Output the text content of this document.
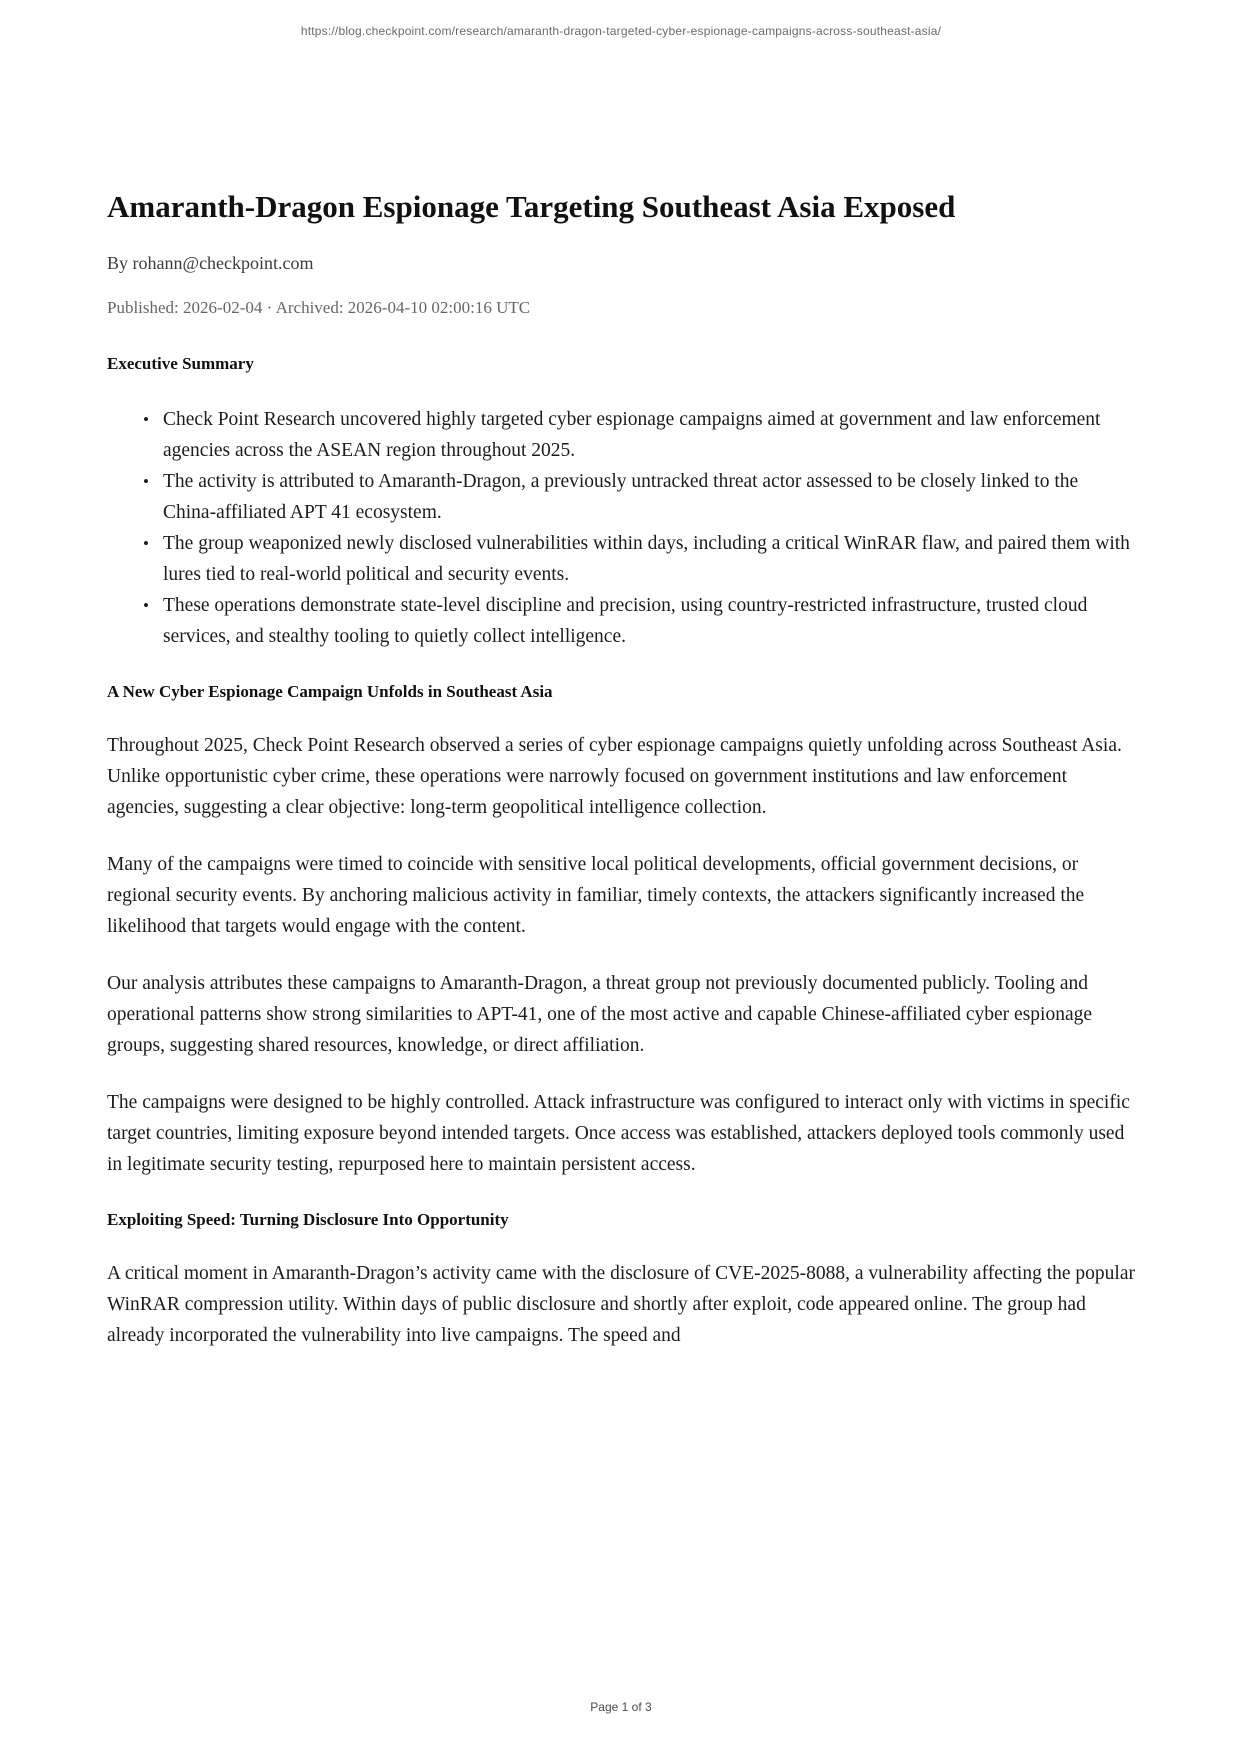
https://blog.checkpoint.com/research/amaranth-dragon-targeted-cyber-espionage-campaigns-across-southeast-asia/
Amaranth-Dragon Espionage Targeting Southeast Asia Exposed
By rohann@checkpoint.com
Published: 2026-02-04 · Archived: 2026-04-10 02:00:16 UTC
Executive Summary
• Check Point Research uncovered highly targeted cyber espionage campaigns aimed at government and law enforcement agencies across the ASEAN region throughout 2025.
• The activity is attributed to Amaranth-Dragon, a previously untracked threat actor assessed to be closely linked to the China-affiliated APT 41 ecosystem.
• The group weaponized newly disclosed vulnerabilities within days, including a critical WinRAR flaw, and paired them with lures tied to real-world political and security events.
• These operations demonstrate state-level discipline and precision, using country-restricted infrastructure, trusted cloud services, and stealthy tooling to quietly collect intelligence.
A New Cyber Espionage Campaign Unfolds in Southeast Asia

Throughout 2025, Check Point Research observed a series of cyber espionage campaigns quietly unfolding across Southeast Asia. Unlike opportunistic cyber crime, these operations were narrowly focused on government institutions and law enforcement agencies, suggesting a clear objective: long-term geopolitical intelligence collection.

Many of the campaigns were timed to coincide with sensitive local political developments, official government decisions, or regional security events. By anchoring malicious activity in familiar, timely contexts, the attackers significantly increased the likelihood that targets would engage with the content.

Our analysis attributes these campaigns to Amaranth-Dragon, a threat group not previously documented publicly. Tooling and operational patterns show strong similarities to APT-41, one of the most active and capable Chinese-affiliated cyber espionage groups, suggesting shared resources, knowledge, or direct affiliation.

The campaigns were designed to be highly controlled. Attack infrastructure was configured to interact only with victims in specific target countries, limiting exposure beyond intended targets. Once access was established, attackers deployed tools commonly used in legitimate security testing, repurposed here to maintain persistent access.

Exploiting Speed: Turning Disclosure Into Opportunity

A critical moment in Amaranth-Dragon’s activity came with the disclosure of CVE-2025-8088, a vulnerability affecting the popular WinRAR compression utility. Within days of public disclosure and shortly after exploit, code appeared online. The group had already incorporated the vulnerability into live campaigns. The speed and

Page 1 of 3
